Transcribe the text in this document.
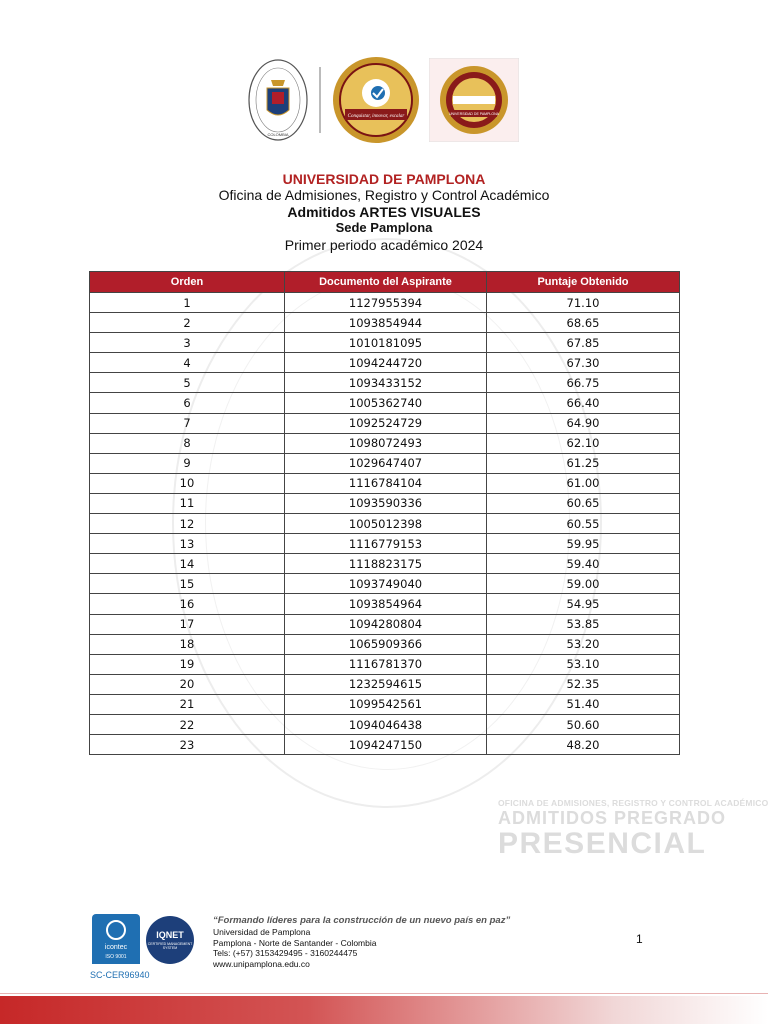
OFICINA DE ADMISIONES, REGISTRO Y CONTROL ACADÉMICO
ADMITIDOS PREGRADO
PRESENCIAL
COLOMBIA
Conquistar, innovar, escalar	UNIVERSIDAD DE PAMPLONA
UNIVERSIDAD DE PAMPLONA
Oficina de Admisiones, Registro y Control Académico
Admitidos ARTES VISUALES
Sede Pamplona
Primer periodo académico 2024
Orden	Documento del Aspirante	Puntaje Obtenido
1	1127955394	71.10
2	1093854944	68.65
3	1010181095	67.85
4	1094244720	67.30
5	1093433152	66.75
6	1005362740	66.40
7	1092524729	64.90
8	1098072493	62.10
9	1029647407	61.25
10	1116784104	61.00
11	1093590336	60.65
12	1005012398	60.55
13	1116779153	59.95
14	1118823175	59.40
15	1093749040	59.00
16	1093854964	54.95
17	1094280804	53.85
18	1065909366	53.20
19	1116781370	53.10
20	1232594615	52.35
21	1099542561	51.40
22	1094046438	50.60
23	1094247150	48.20
icontec
ISO 9001
IQNET
CERTIFIED MANAGEMENT SYSTEM
SC-CER96940
“Formando líderes para la construcción de un nuevo país en paz”
Universidad de Pamplona
Pamplona - Norte de Santander - Colombia
Tels: (+57) 3153429495 - 3160244475
www.unipamplona.edu.co
1
